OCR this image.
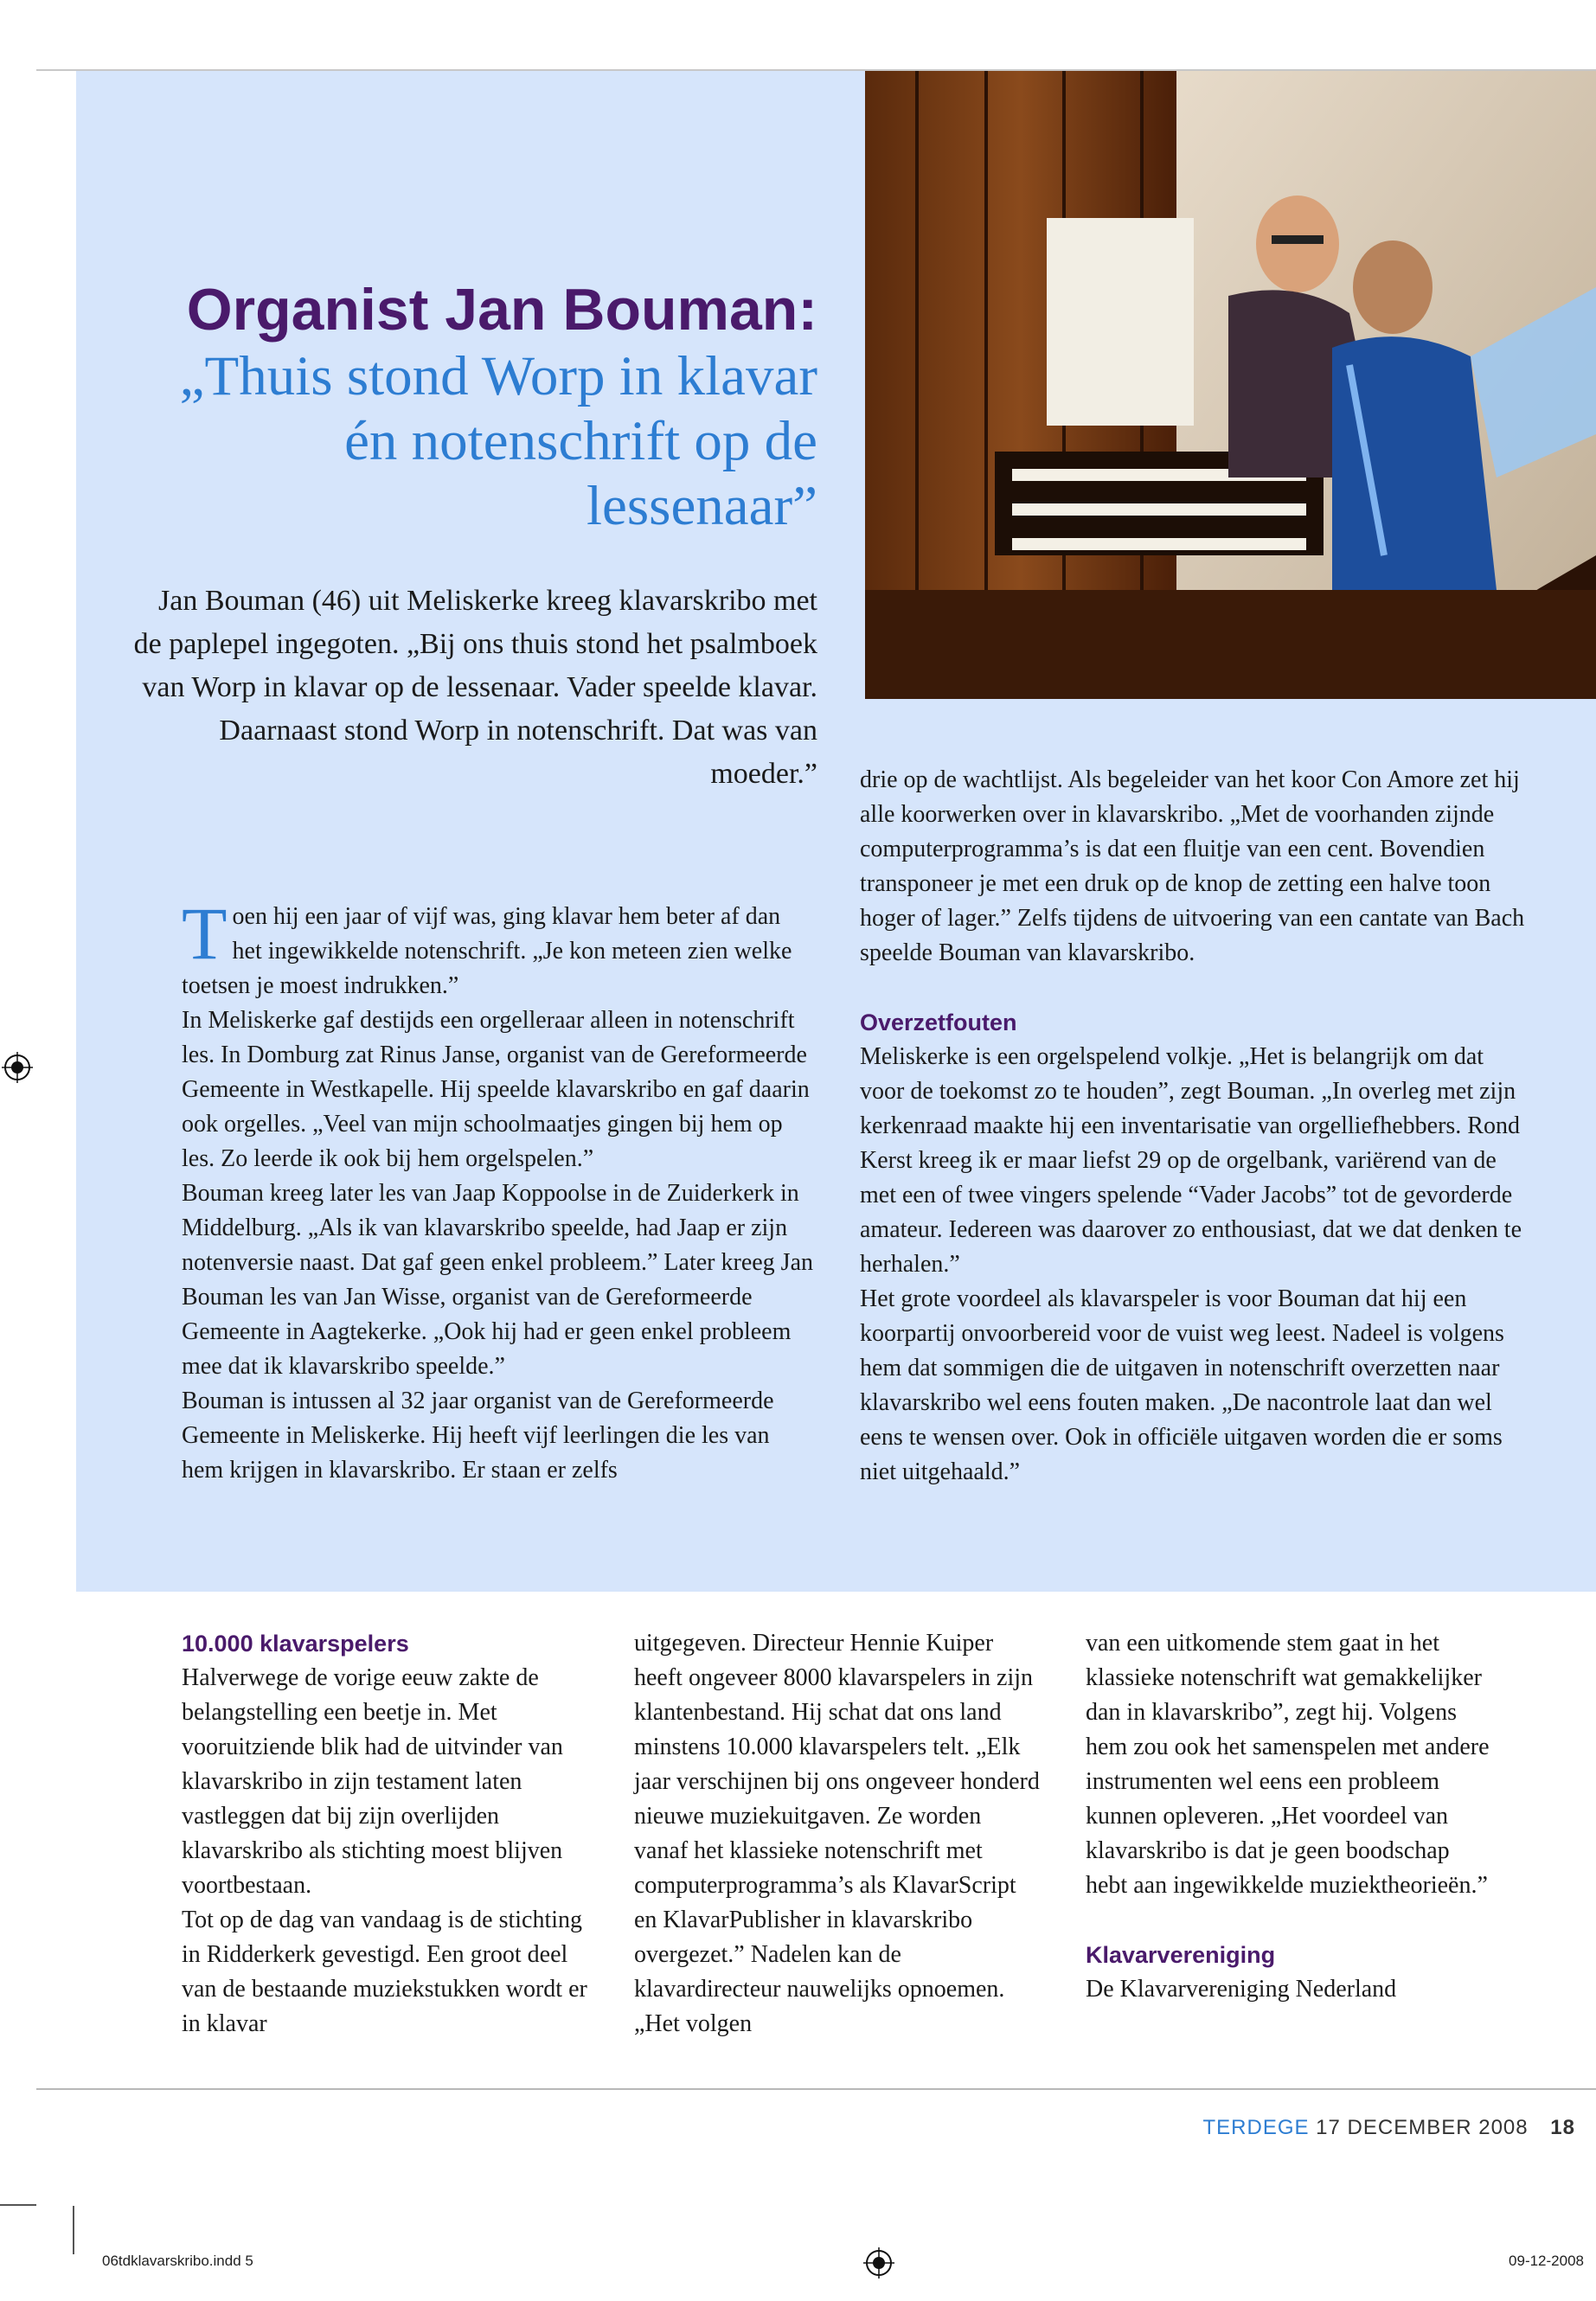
Organist Jan Bouman:
„Thuis stond Worp in klavar én notenschrift op de lessenaar”
Jan Bouman (46) uit Meliskerke kreeg klavarskribo met de paplepel ingegoten. „Bij ons thuis stond het psalmboek van Worp in klavar op de lessenaar. Vader speelde klavar. Daarnaast stond Worp in notenschrift. Dat was van moeder.”

Toen hij een jaar of vijf was, ging klavar hem beter af dan het ingewikkelde notenschrift. „Je kon meteen zien welke toetsen je moest indrukken.”

In Meliskerke gaf destijds een orgelleraar alleen in notenschrift les. In Domburg zat Rinus Janse, organist van de Gereformeerde Gemeente in Westkapelle. Hij speelde klavarskribo en gaf daarin ook orgelles. „Veel van mijn schoolmaatjes gingen bij hem op les. Zo leerde ik ook bij hem orgelspelen.”

Bouman kreeg later les van Jaap Koppoolse in de Zuiderkerk in Middelburg. „Als ik van klavarskribo speelde, had Jaap er zijn notenversie naast. Dat gaf geen enkel probleem.” Later kreeg Jan Bouman les van Jan Wisse, organist van de Gereformeerde Gemeente in Aagtekerke. „Ook hij had er geen enkel probleem mee dat ik klavarskribo speelde.”

Bouman is intussen al 32 jaar organist van de Gereformeerde Gemeente in Meliskerke. Hij heeft vijf leerlingen die les van hem krijgen in klavarskribo. Er staan er zelfs

drie op de wachtlijst. Als begeleider van het koor Con Amore zet hij alle koorwerken over in klavarskribo. „Met de voorhanden zijnde computerprogramma’s is dat een fluitje van een cent. Bovendien transponeer je met een druk op de knop de zetting een halve toon hoger of lager.” Zelfs tijdens de uitvoering van een cantate van Bach speelde Bouman van klavarskribo.

Overzetfouten

Meliskerke is een orgelspelend volkje. „Het is belangrijk om dat voor de toekomst zo te houden”, zegt Bouman. „In overleg met zijn kerkenraad maakte hij een inventarisatie van orgelliefhebbers. Rond Kerst kreeg ik er maar liefst 29 op de orgelbank, variërend van de met een of twee vingers spelende “Vader Jacobs” tot de gevorderde amateur. Iedereen was daarover zo enthousiast, dat we dat denken te herhalen.”

Het grote voordeel als klavarspeler is voor Bouman dat hij een koorpartij onvoorbereid voor de vuist weg leest. Nadeel is volgens hem dat sommigen die de uitgaven in notenschrift overzetten naar klavarskribo wel eens fouten maken. „De nacontrole laat dan wel eens te wensen over. Ook in officiële uitgaven worden die er soms niet uitgehaald.”

10.000 klavarspelers

Halverwege de vorige eeuw zakte de belangstelling een beetje in. Met vooruitziende blik had de uitvinder van klavarskribo in zijn testament laten vastleggen dat bij zijn overlijden klavarskribo als stichting moest blijven voortbestaan.

Tot op de dag van vandaag is de stichting in Ridderkerk gevestigd. Een groot deel van de bestaande muziekstukken wordt er in klavar

uitgegeven. Directeur Hennie Kuiper heeft ongeveer 8000 klavarspelers in zijn klantenbestand. Hij schat dat ons land minstens 10.000 klavarspelers telt. „Elk jaar verschijnen bij ons ongeveer honderd nieuwe muziekuitgaven. Ze worden vanaf het klassieke notenschrift met computerprogramma’s als KlavarScript en KlavarPublisher in klavarskribo overgezet.” Nadelen kan de klavardirecteur nauwelijks opnoemen. „Het volgen

van een uitkomende stem gaat in het klassieke notenschrift wat gemakkelijker dan in klavarskribo”, zegt hij. Volgens hem zou ook het samenspelen met andere instrumenten wel eens een probleem kunnen opleveren. „Het voordeel van klavarskribo is dat je geen boodschap hebt aan ingewikkelde muziektheorieën.”

Klavarvereniging

De Klavarvereniging Nederland

TERDEGE 17 DECEMBER 2008 18
06tdklavarskribo.indd 5	09-12-2008
